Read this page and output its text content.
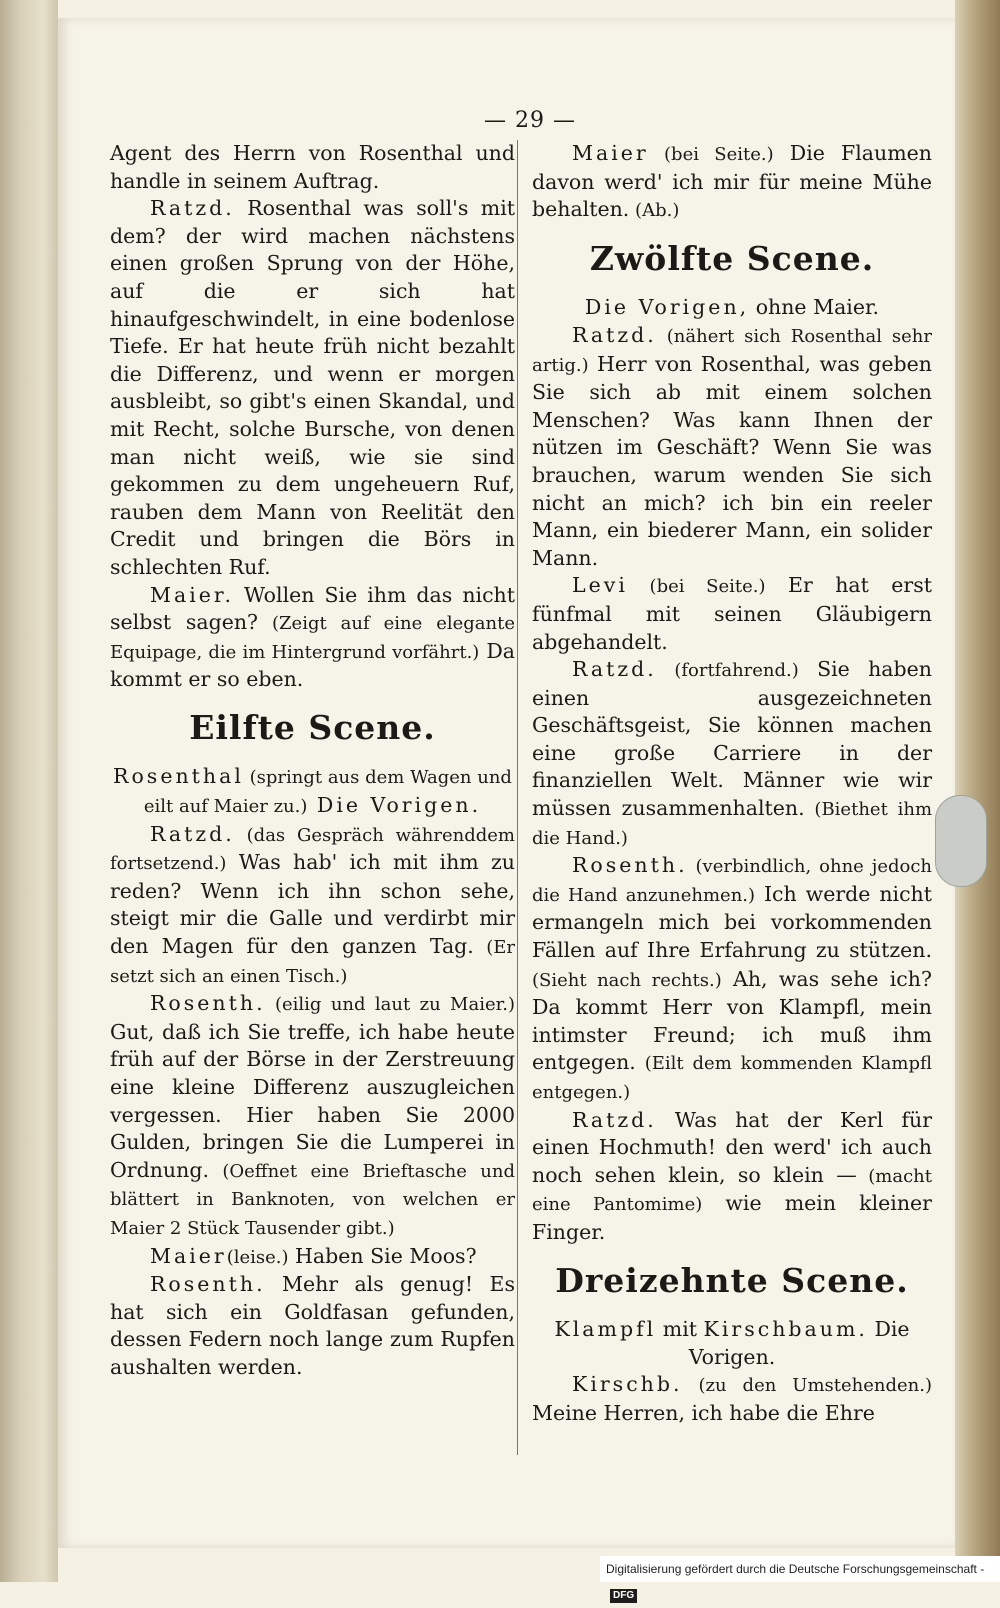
— 29 —

Agent des Herrn von Rosenthal und handle in seinem Auftrag.

Ratzd. Rosenthal was soll's mit dem? der wird machen nächstens einen großen Sprung von der Höhe, auf die er sich hat hinaufgeschwindelt, in eine bodenlose Tiefe. Er hat heute früh nicht bezahlt die Differenz, und wenn er morgen ausbleibt, so gibt's einen Skandal, und mit Recht, solche Bursche, von denen man nicht weiß, wie sie sind gekommen zu dem ungeheuern Ruf, rauben dem Mann von Reelität den Credit und bringen die Börs in schlechten Ruf.

Maier. Wollen Sie ihm das nicht selbst sagen? (Zeigt auf eine elegante Equipage, die im Hintergrund vorfährt.) Da kommt er so eben.

Eilfte Scene.

Rosenthal (springt aus dem Wagen und eilt auf Maier zu.) Die Vorigen.

Ratzd. (das Gespräch währenddem fortsetzend.) Was hab' ich mit ihm zu reden? Wenn ich ihn schon sehe, steigt mir die Galle und verdirbt mir den Magen für den ganzen Tag. (Er setzt sich an einen Tisch.)

Rosenth. (eilig und laut zu Maier.) Gut, daß ich Sie treffe, ich habe heute früh auf der Börse in der Zerstreuung eine kleine Differenz auszugleichen vergessen. Hier haben Sie 2000 Gulden, bringen Sie die Lumperei in Ordnung. (Oeffnet eine Brieftasche und blättert in Banknoten, von welchen er Maier 2 Stück Tausender gibt.)

Maier(leise.) Haben Sie Moos?

Rosenth. Mehr als genug! Es hat sich ein Goldfasan gefunden, dessen Federn noch lange zum Rupfen aushalten werden.

Maier (bei Seite.) Die Flaumen davon werd' ich mir für meine Mühe behalten. (Ab.)

Zwölfte Scene.

Die Vorigen, ohne Maier.

Ratzd. (nähert sich Rosenthal sehr artig.) Herr von Rosenthal, was geben Sie sich ab mit einem solchen Menschen? Was kann Ihnen der nützen im Geschäft? Wenn Sie was brauchen, warum wenden Sie sich nicht an mich? ich bin ein reeler Mann, ein biederer Mann, ein solider Mann.

Levi (bei Seite.) Er hat erst fünfmal mit seinen Gläubigern abgehandelt.

Ratzd. (fortfahrend.) Sie haben einen ausgezeichneten Geschäftsgeist, Sie können machen eine große Carriere in der finanziellen Welt. Männer wie wir müssen zusammenhalten. (Biethet ihm die Hand.)

Rosenth. (verbindlich, ohne jedoch die Hand anzunehmen.) Ich werde nicht ermangeln mich bei vorkommenden Fällen auf Ihre Erfahrung zu stützen. (Sieht nach rechts.) Ah, was sehe ich? Da kommt Herr von Klampfl, mein intimster Freund; ich muß ihm entgegen. (Eilt dem kommenden Klampfl entgegen.)

Ratzd. Was hat der Kerl für einen Hochmuth! den werd' ich auch noch sehen klein, so klein — (macht eine Pantomime) wie mein kleiner Finger.

Dreizehnte Scene.

Klampfl mit Kirschbaum. Die Vorigen.

Kirschb. (zu den Umstehenden.) Meine Herren, ich habe die Ehre

Digitalisierung gefördert durch die Deutsche Forschungsgemeinschaft -DFG
